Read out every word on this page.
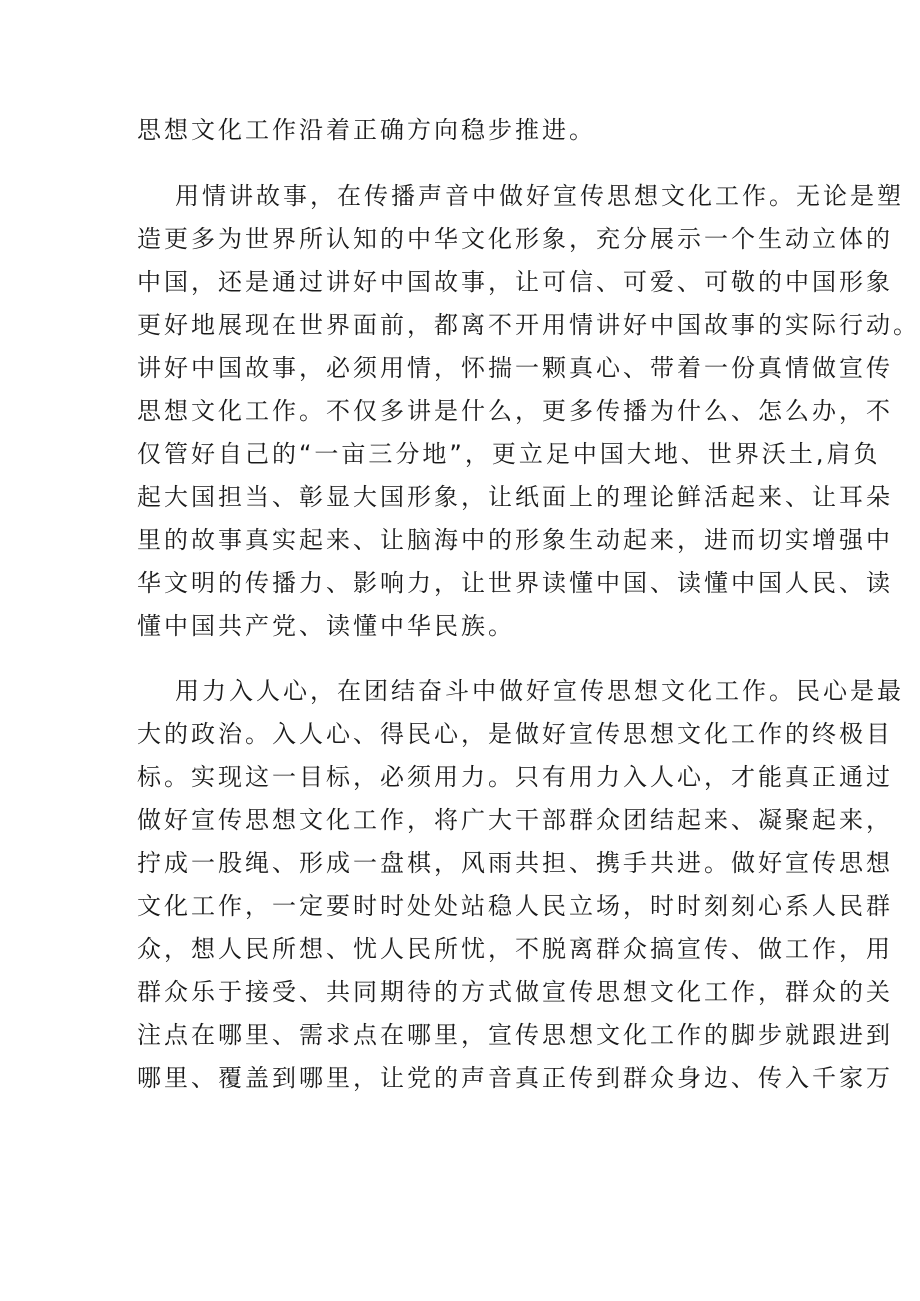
思想文化工作沿着正确方向稳步推进。
用情讲故事，在传播声音中做好宣传思想文化工作。无论是塑
造更多为世界所认知的中华文化形象，充分展示一个生动立体的
中国，还是通过讲好中国故事，让可信、可爱、可敬的中国形象
更好地展现在世界面前，都离不开用情讲好中国故事的实际行动。
讲好中国故事，必须用情，怀揣一颗真心、带着一份真情做宣传
思想文化工作。不仅多讲是什么，更多传播为什么、怎么办，不
仅管好自己的“一亩三分地”，更立足中国大地、世界沃土,肩负
起大国担当、彰显大国形象，让纸面上的理论鲜活起来、让耳朵
里的故事真实起来、让脑海中的形象生动起来，进而切实增强中
华文明的传播力、影响力，让世界读懂中国、读懂中国人民、读
懂中国共产党、读懂中华民族。
用力入人心，在团结奋斗中做好宣传思想文化工作。民心是最
大的政治。入人心、得民心，是做好宣传思想文化工作的终极目
标。实现这一目标，必须用力。只有用力入人心，才能真正通过
做好宣传思想文化工作，将广大干部群众团结起来、凝聚起来，
拧成一股绳、形成一盘棋，风雨共担、携手共进。做好宣传思想
文化工作，一定要时时处处站稳人民立场，时时刻刻心系人民群
众，想人民所想、忧人民所忧，不脱离群众搞宣传、做工作，用
群众乐于接受、共同期待的方式做宣传思想文化工作，群众的关
注点在哪里、需求点在哪里，宣传思想文化工作的脚步就跟进到
哪里、覆盖到哪里，让党的声音真正传到群众身边、传入千家万
